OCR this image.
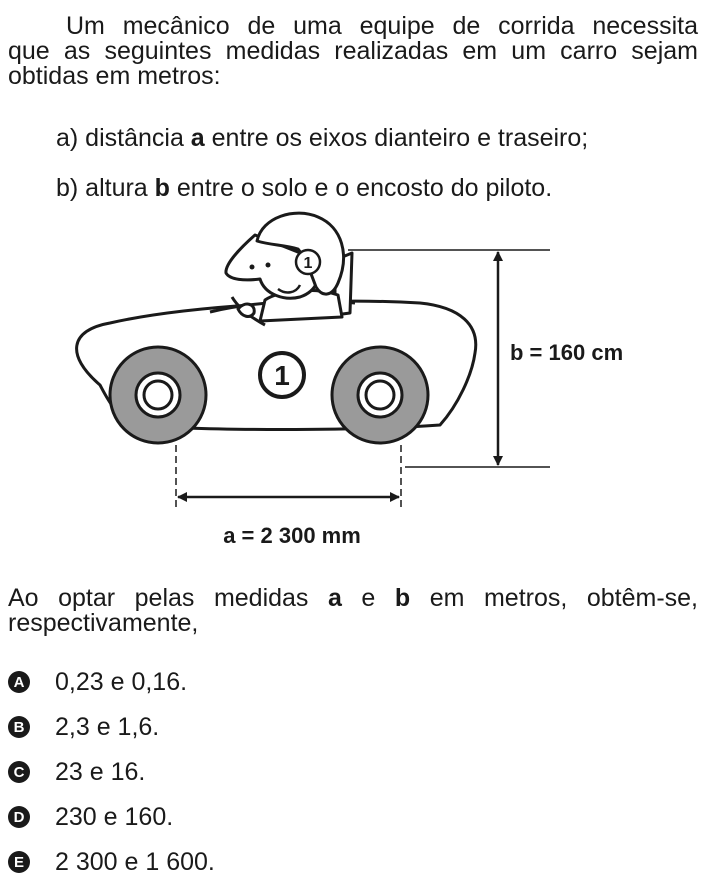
Um mecânico de uma equipe de corrida necessita
que as seguintes medidas realizadas em um carro sejam
obtidas em metros:
a) distância a entre os eixos dianteiro e traseiro;
b) altura b entre o solo e o encosto do piloto.
1
1
b = 160 cm
a = 2 300 mm
Ao optar pelas medidas a e b em metros, obtêm-se,
respectivamente,
A 0,23 e 0,16.
B 2,3 e 1,6.
C 23 e 16.
D 230 e 160.
E 2 300 e 1 600.
